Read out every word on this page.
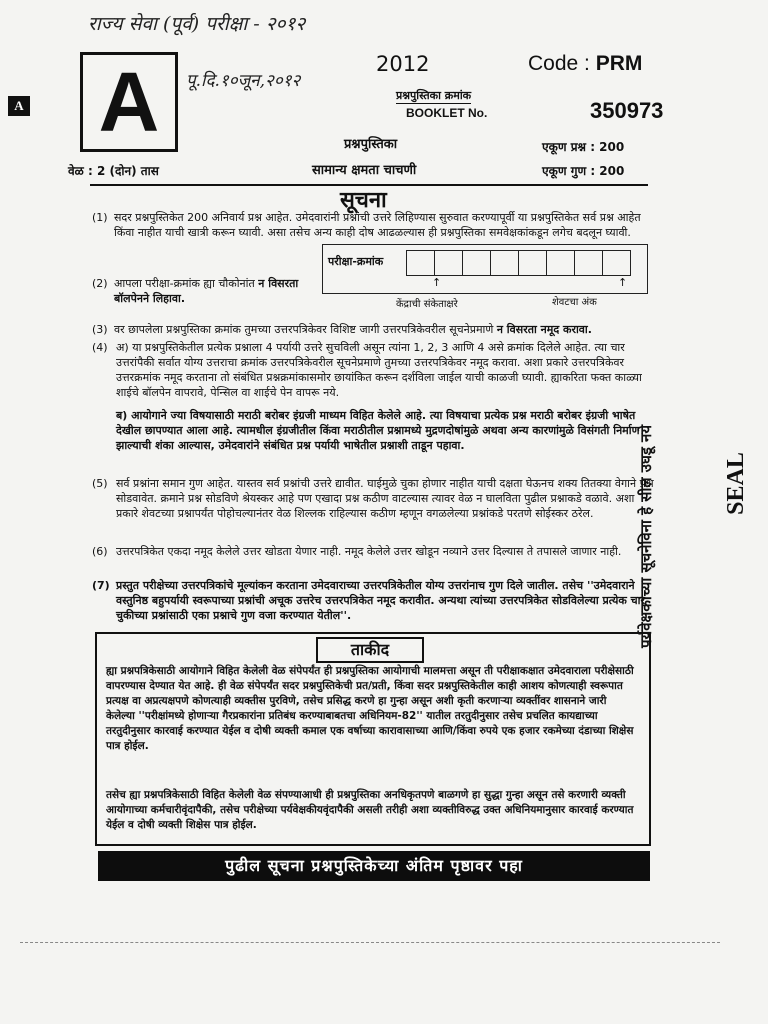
राज्य सेवा (पूर्व) परीक्षा - २०१२
A A	पू.दि.१०जून,२०१२
2012	Code : PRM
प्रश्नपुस्तिका क्रमांक
BOOKLET No.	350973
प्रश्नपुस्तिका
सामान्य क्षमता चाचणी
एकूण प्रश्न : 200
एकूण गुण : 200
वेळ : 2 (दोन) तास
सूचना
(1) सदर प्रश्नपुस्तिकेत 200 अनिवार्य प्रश्न आहेत. उमेदवारांनी प्रश्नांची उत्तरे लिहिण्यास सुरुवात करण्यापूर्वी या प्रश्नपुस्तिकेत सर्व प्रश्न आहेत किंवा नाहीत याची खात्री करून घ्यावी. असा तसेच अन्य काही दोष आढळल्यास ही प्रश्नपुस्तिका समवेक्षकांकडून लगेच बदलून घ्यावी.
(2) आपला परीक्षा-क्रमांक ह्या चौकोनांत न विसरता बॉलपेनने लिहावा.
परीक्षा-क्रमांक
↑	↑
केंद्राची संकेताक्षरे	शेवटचा अंक
(3) वर छापलेला प्रश्नपुस्तिका क्रमांक तुमच्या उत्तरपत्रिकेवर विशिष्ट जागी उत्तरपत्रिकेवरील सूचनेप्रमाणे न विसरता नमूद करावा.
(4) अ) या प्रश्नपुस्तिकेतील प्रत्येक प्रश्नाला 4 पर्यायी उत्तरे सुचविली असून त्यांना 1, 2, 3 आणि 4 असे क्रमांक दिलेले आहेत. त्या चार उत्तरांपैकी सर्वात योग्य उत्तराचा क्रमांक उत्तरपत्रिकेवरील सूचनेप्रमाणे तुमच्या उत्तरपत्रिकेवर नमूद करावा. अशा प्रकारे उत्तरपत्रिकेवर उत्तरक्रमांक नमूद करताना तो संबंधित प्रश्नक्रमांकासमोर छायांकित करून दर्शविला जाईल याची काळजी घ्यावी. ह्याकरिता फक्त काळ्या शाईचे बॉलपेन वापरावे, पेन्सिल वा शाईचे पेन वापरू नये.
ब) आयोगाने ज्या विषयासाठी मराठी बरोबर इंग्रजी माध्यम विहित केलेले आहे. त्या विषयाचा प्रत्येक प्रश्न मराठी बरोबर इंग्रजी भाषेत देखील छापण्यात आला आहे. त्यामधील इंग्रजीतील किंवा मराठीतील प्रश्नामध्ये मुद्रणदोषांमुळे अथवा अन्य कारणांमुळे विसंगती निर्माण झाल्याची शंका आल्यास, उमेदवारांने संबंधित प्रश्न पर्यायी भाषेतील प्रश्नाशी ताडून पहावा.
(5) सर्व प्रश्नांना समान गुण आहेत. यास्तव सर्व प्रश्नांची उत्तरे द्यावीत. घाईमुळे चुका होणार नाहीत याची दक्षता घेऊनच शक्य तितक्या वेगाने प्रश्न सोडवावेत. क्रमाने प्रश्न सोडविणे श्रेयस्कर आहे पण एखादा प्रश्न कठीण वाटल्यास त्यावर वेळ न घालविता पुढील प्रश्नाकडे वळावे. अशा प्रकारे शेवटच्या प्रश्नापर्यंत पोहोचल्यानंतर वेळ शिल्लक राहिल्यास कठीण म्हणून वगळलेल्या प्रश्नांकडे परतणे सोईस्कर ठरेल.
(6) उत्तरपत्रिकेत एकदा नमूद केलेले उत्तर खोडता येणार नाही. नमूद केलेले उत्तर खोडून नव्याने उत्तर दिल्यास ते तपासले जाणार नाही.
(7) प्रस्तुत परीक्षेच्या उत्तरपत्रिकांचे मूल्यांकन करताना उमेदवाराच्या उत्तरपत्रिकेतील योग्य उत्तरांनाच गुण दिले जातील. तसेच ''उमेदवाराने वस्तुनिष्ठ बहुपर्यायी स्वरूपाच्या प्रश्नांची अचूक उत्तरेच उत्तरपत्रिकेत नमूद करावीत. अन्यथा त्यांच्या उत्तरपत्रिकेत सोडविलेल्या प्रत्येक चार चुकीच्या प्रश्नांसाठी एका प्रश्नाचे गुण वजा करण्यात येतील''.
ताकीद
ह्या प्रश्नपत्रिकेसाठी आयोगाने विहित केलेली वेळ संपेपर्यंत ही प्रश्नपुस्तिका आयोगाची मालमत्ता असून ती परीक्षाकक्षात उमेदवाराला परीक्षेसाठी वापरण्यास देण्यात येत आहे. ही वेळ संपेपर्यंत सदर प्रश्नपुस्तिकेची प्रत/प्रती, किंवा सदर प्रश्नपुस्तिकेतील काही आशय कोणत्याही स्वरूपात प्रत्यक्ष वा अप्रत्यक्षपणे कोणत्याही व्यक्तीस पुरविणे, तसेच प्रसिद्ध करणे हा गुन्हा असून अशी कृती करणाऱ्या व्यक्तींवर शासनाने जारी केलेल्या ''परीक्षांमध्ये होणाऱ्या गैरप्रकारांना प्रतिबंध करण्याबाबतचा अधिनियम-82'' यातील तरतुदीनुसार तसेच प्रचलित कायद्याच्या तरतुदीनुसार कारवाई करण्यात येईल व दोषी व्यक्ती कमाल एक वर्षाच्या कारावासाच्या आणि/किंवा रुपये एक हजार रकमेच्या दंडाच्या शिक्षेस पात्र होईल.
तसेच ह्या प्रश्नपत्रिकेसाठी विहित केलेली वेळ संपण्याआधी ही प्रश्नपुस्तिका अनधिकृतपणे बाळगणे हा सुद्धा गुन्हा असून तसे करणारी व्यक्ती आयोगाच्या कर्मचारीवृंदापैकी, तसेच परीक्षेच्या पर्यवेक्षकीयवृंदापैकी असली तरीही अशा व्यक्तीविरुद्ध उक्त अधिनियमानुसार कारवाई करण्यात येईल व दोषी व्यक्ती शिक्षेस पात्र होईल.
पुढील सूचना प्रश्नपुस्तिकेच्या अंतिम पृष्ठावर पहा
पर्यवेक्षकांच्या सूचनेविना हे सील उघडू नये	SEAL
